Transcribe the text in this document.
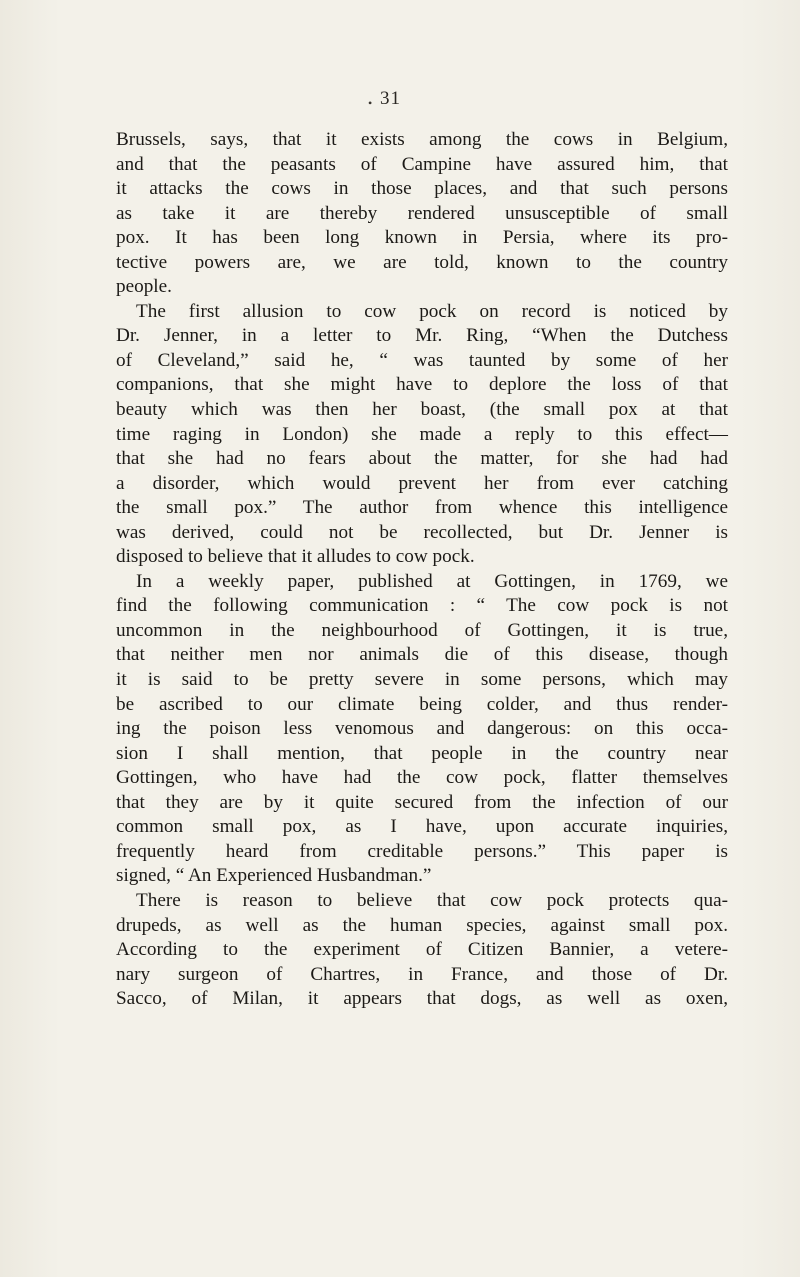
• 31
Brussels, says, that it exists among the cows in Belgium,
and that the peasants of Campine have assured him, that
it attacks the cows in those places, and that such persons
as take it are thereby rendered unsusceptible of small
pox. It has been long known in Persia, where its pro-
tective powers are, we are told, known to the country
people.
The first allusion to cow pock on record is noticed by
Dr. Jenner, in a letter to Mr. Ring, “When the Dutchess
of Cleveland,” said he, “ was taunted by some of her
companions, that she might have to deplore the loss of that
beauty which was then her boast, (the small pox at that
time raging in London) she made a reply to this effect—
that she had no fears about the matter, for she had had
a disorder, which would prevent her from ever catching
the small pox.” The author from whence this intelligence
was derived, could not be recollected, but Dr. Jenner is
disposed to believe that it alludes to cow pock.
In a weekly paper, published at Gottingen, in 1769, we
find the following communication : “ The cow pock is not
uncommon in the neighbourhood of Gottingen, it is true,
that neither men nor animals die of this disease, though
it is said to be pretty severe in some persons, which may
be ascribed to our climate being colder, and thus render-
ing the poison less venomous and dangerous: on this occa-
sion I shall mention, that people in the country near
Gottingen, who have had the cow pock, flatter themselves
that they are by it quite secured from the infection of our
common small pox, as I have, upon accurate inquiries,
frequently heard from creditable persons.” This paper is
signed, “ An Experienced Husbandman.”
There is reason to believe that cow pock protects qua-
drupeds, as well as the human species, against small pox.
According to the experiment of Citizen Bannier, a vetere-
nary surgeon of Chartres, in France, and those of Dr.
Sacco, of Milan, it appears that dogs, as well as oxen,
